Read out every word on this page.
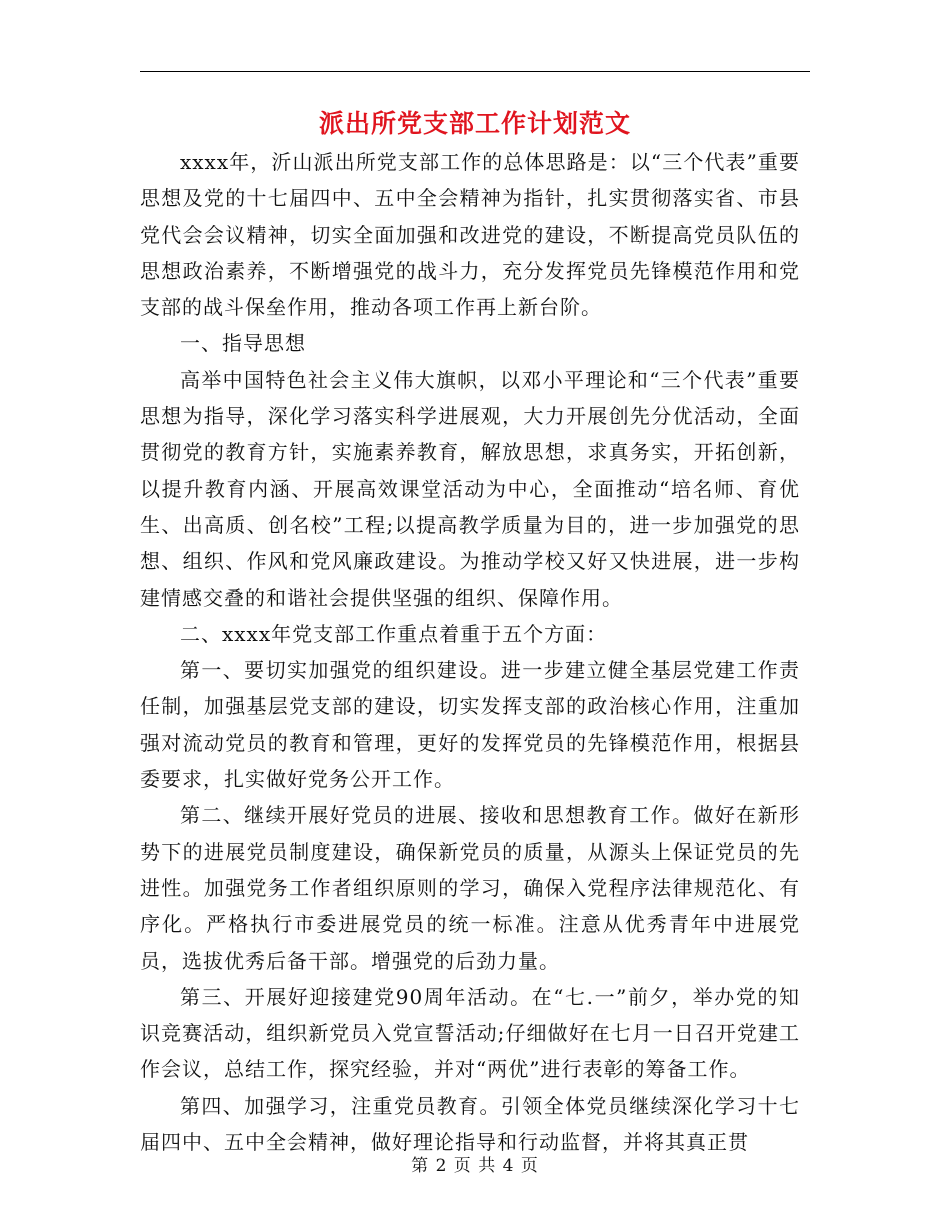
派出所党支部工作计划范文

xxxx年，沂山派出所党支部工作的总体思路是：以“三个代表”重要思想及党的十七届四中、五中全会精神为指针，扎实贯彻落实省、市县党代会会议精神，切实全面加强和改进党的建设，不断提高党员队伍的思想政治素养，不断增强党的战斗力，充分发挥党员先锋模范作用和党支部的战斗保垒作用，推动各项工作再上新台阶。

一、指导思想

高举中国特色社会主义伟大旗帜，以邓小平理论和“三个代表”重要思想为指导，深化学习落实科学进展观，大力开展创先分优活动，全面贯彻党的教育方针，实施素养教育，解放思想，求真务实，开拓创新，以提升教育内涵、开展高效课堂活动为中心，全面推动“培名师、育优生、出高质、创名校”工程;以提高教学质量为目的，进一步加强党的思想、组织、作风和党风廉政建设。为推动学校又好又快进展，进一步构建情感交叠的和谐社会提供坚强的组织、保障作用。

二、xxxx年党支部工作重点着重于五个方面：

第一、要切实加强党的组织建设。进一步建立健全基层党建工作责任制，加强基层党支部的建设，切实发挥支部的政治核心作用，注重加强对流动党员的教育和管理，更好的发挥党员的先锋模范作用，根据县委要求，扎实做好党务公开工作。

第二、继续开展好党员的进展、接收和思想教育工作。做好在新形势下的进展党员制度建设，确保新党员的质量，从源头上保证党员的先进性。加强党务工作者组织原则的学习，确保入党程序法律规范化、有序化。严格执行市委进展党员的统一标准。注意从优秀青年中进展党员，选拔优秀后备干部。增强党的后劲力量。

第三、开展好迎接建党90周年活动。在“七.一”前夕，举办党的知识竞赛活动，组织新党员入党宣誓活动;仔细做好在七月一日召开党建工作会议，总结工作，探究经验，并对“两优”进行表彰的筹备工作。

第四、加强学习，注重党员教育。引领全体党员继续深化学习十七届四中、五中全会精神，做好理论指导和行动监督，并将其真正贯

第 2 页 共 4 页
